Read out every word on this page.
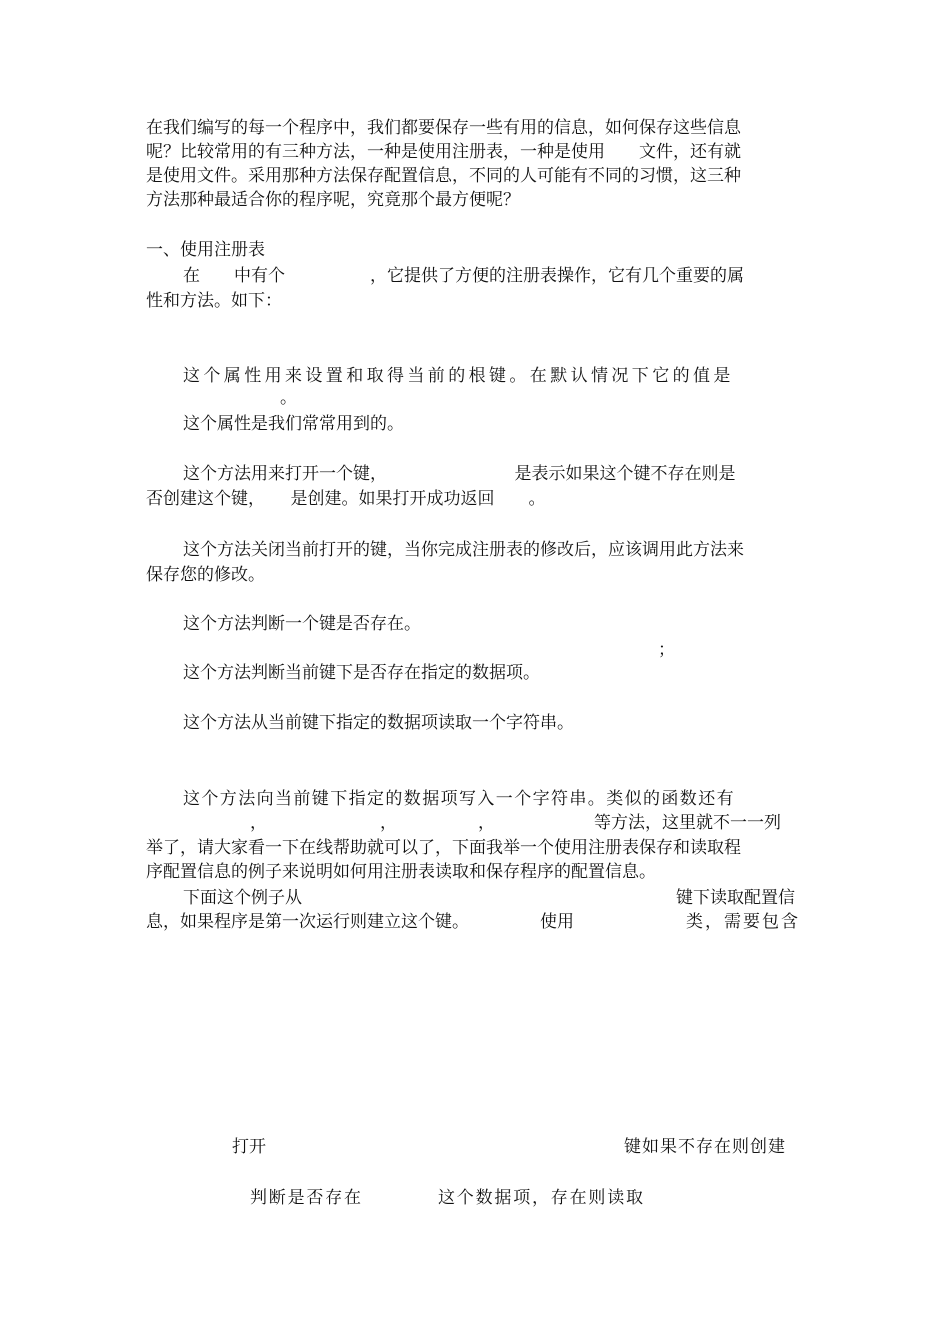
在我们编写的每一个程序中，我们都要保存一些有用的信息，如何保存这些信息
呢？比较常用的有三种方法，一种是使用注册表，一种是使用　　文件，还有就
是使用文件。采用那种方法保存配置信息，不同的人可能有不同的习惯，这三种
方法那种最适合你的程序呢，究竟那个最方便呢？
一、使用注册表
在　　中有个　　　　　，它提供了方便的注册表操作，它有几个重要的属
性和方法。如下：
这个属性用来设置和取得当前的根键。在默认情况下它的值是
。
这个属性是我们常常用到的。
这个方法用来打开一个键，　　　　　　　　是表示如果这个键不存在则是
否创建这个键，　　是创建。如果打开成功返回　　。
这个方法关闭当前打开的键，当你完成注册表的修改后，应该调用此方法来
保存您的修改。
这个方法判断一个键是否存在。
；
这个方法判断当前键下是否存在指定的数据项。
这个方法从当前键下指定的数据项读取一个字符串。
这个方法向当前键下指定的数据项写入一个字符串。类似的函数还有
，	，	，	等方法，这里就不一一列
举了，请大家看一下在线帮助就可以了，下面我举一个使用注册表保存和读取程
序配置信息的例子来说明如何用注册表读取和保存程序的配置信息。
下面这个例子从	键下读取配置信
息，如果程序是第一次运行则建立这个键。	使用	类，需要包含
打开	键如果不存在则创建
判断是否存在　　　　这个数据项，存在则读取
